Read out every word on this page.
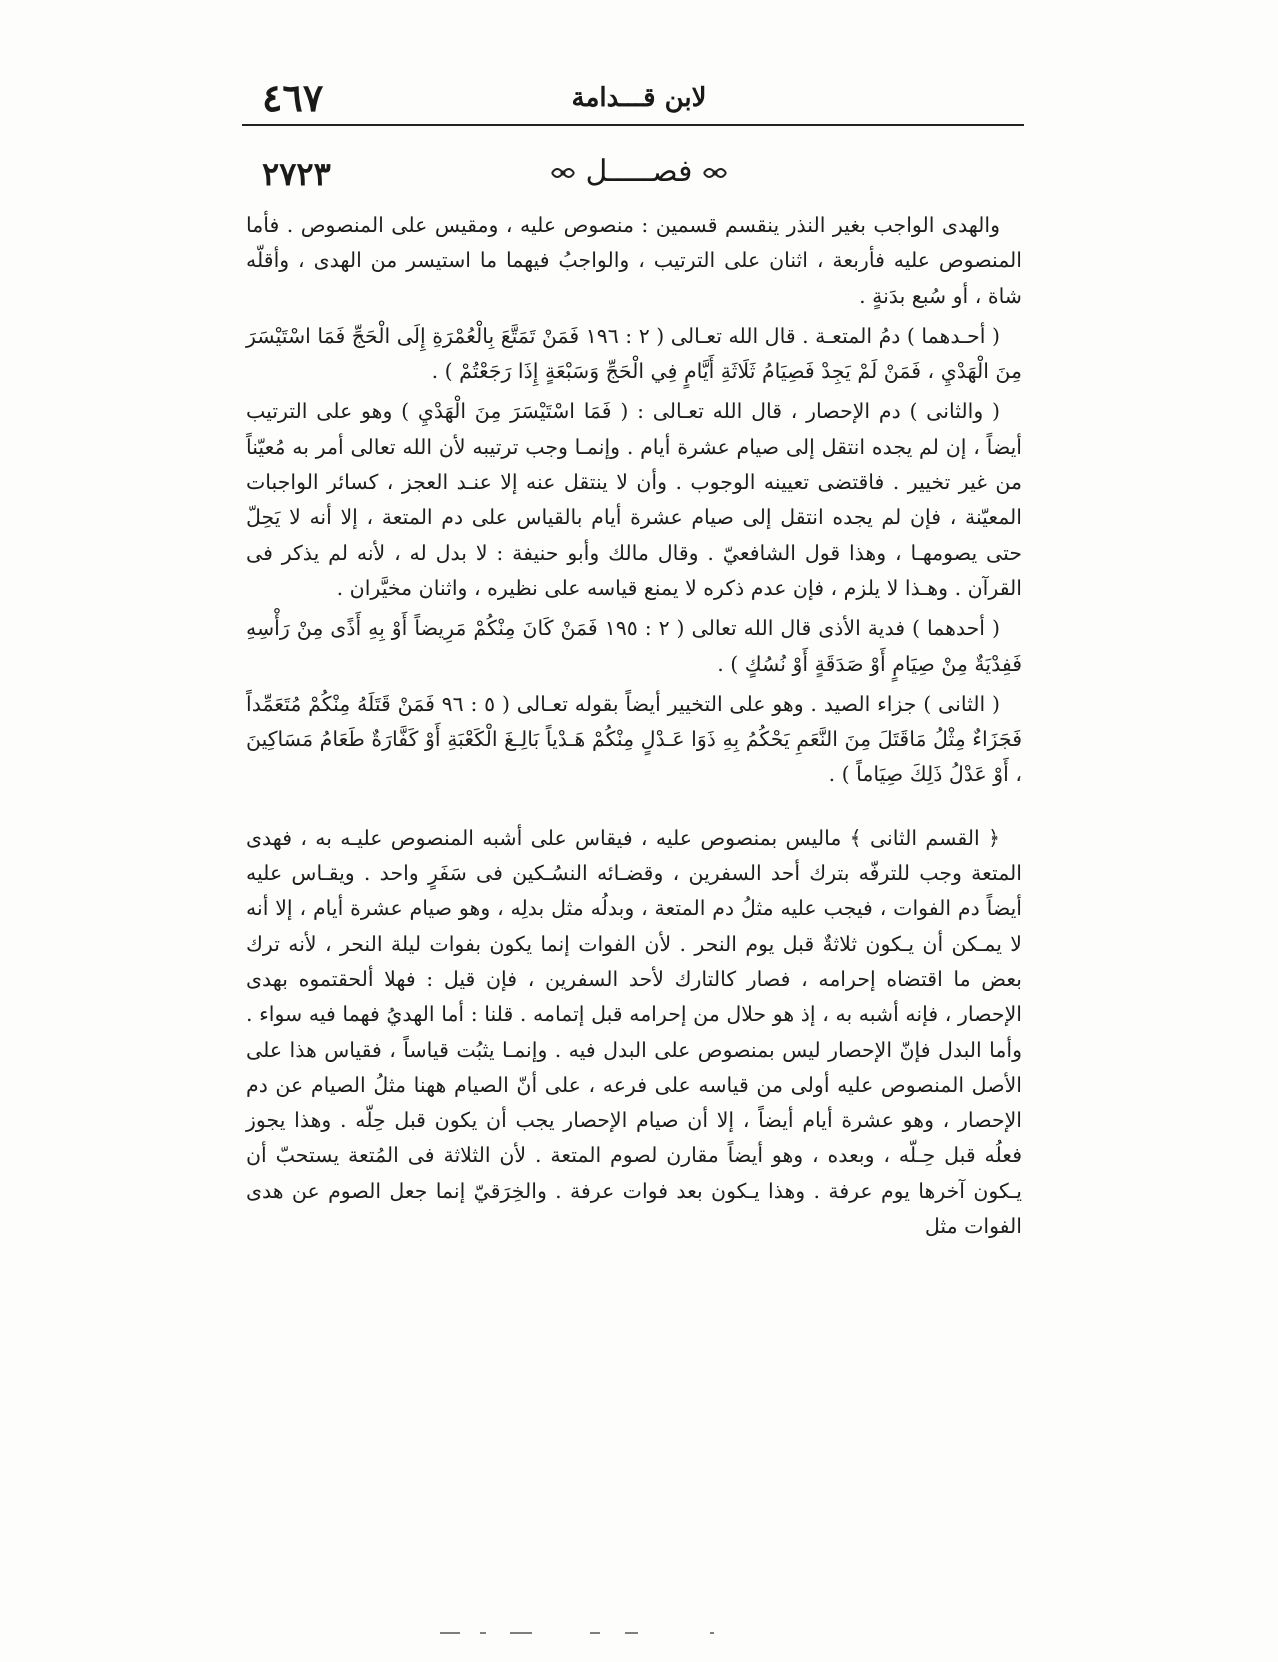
لابن قـــدامة
٤٦٧
٢٧٢٣	فصـــــل

والهدى الواجب بغير النذر ينقسم قسمين : منصوص عليه ، ومقيس على المنصوص . فأما المنصوص عليه فأربعة ، اثنان على الترتيب ، والواجبُ فيهما ما استيسر من الهدى ، وأقلّه شاة ، أو سُبع بدَنةٍ .

( أحـدهما ) دمُ المتعـة . قال الله تعـالى ( ٢ : ١٩٦ فَمَنْ تَمَتَّعَ بِالْعُمْرَةِ إِلَى الْحَجِّ فَمَا اسْتَيْسَرَ مِنَ الْهَدْيِ ، فَمَنْ لَمْ يَجِدْ فَصِيَامُ ثَلَاثَةِ أَيَّامٍ فِي الْحَجِّ وَسَبْعَةٍ إِذَا رَجَعْتُمْ ) .

( والثانى ) دم الإحصار ، قال الله تعـالى : ( فَمَا اسْتَيْسَرَ مِنَ الْهَدْيِ ) وهو على الترتيب أيضاً ، إن لم يجده انتقل إلى صيام عشرة أيام . وإنمـا وجب ترتيبه لأن الله تعالى أمر به مُعيّناً من غير تخيير . فاقتضى تعيينه الوجوب . وأن لا ينتقل عنه إلا عنـد العجز ، كسائر الواجبات المعيّنة ، فإن لم يجده انتقل إلى صيام عشرة أيام بالقياس على دم المتعة ، إلا أنه لا يَحِلّ حتى يصومهـا ، وهذا قول الشافعيّ . وقال مالك وأبو حنيفة : لا بدل له ، لأنه لم يذكر فى القرآن . وهـذا لا يلزم ، فإن عدم ذكره لا يمنع قياسه على نظيره ، واثنان مخيَّران .

( أحدهما ) فدية الأذى قال الله تعالى ( ٢ : ١٩٥ فَمَنْ كَانَ مِنْكُمْ مَرِيضاً أَوْ بِهِ أَذًى مِنْ رَأْسِهِ فَفِدْيَةٌ مِنْ صِيَامٍ أَوْ صَدَقَةٍ أَوْ نُسُكٍ ) .

( الثانى ) جزاء الصيد . وهو على التخيير أيضاً بقوله تعـالى ( ٥ : ٩٦ فَمَنْ قَتَلَهُ مِنْكُمْ مُتَعَمِّداً فَجَزَاءٌ مِثْلُ مَاقَتَلَ مِنَ النَّعَمِ يَحْكُمُ بِهِ ذَوَا عَـدْلٍ مِنْكُمْ هَـدْياً بَالِـغَ الْكَعْبَةِ أَوْ كَفَّارَةٌ طَعَامُ مَسَاكِينَ ، أَوْ عَدْلُ ذَلِكَ صِيَاماً ) .

﴿ القسم الثانى ﴾ ماليس بمنصوص عليه ، فيقاس على أشبه المنصوص عليـه به ، فهدى المتعة وجب للترفّه بترك أحد السفرين ، وقضـائه النسُـكين فى سَفَرٍ واحد . ويقـاس عليه أيضاً دم الفوات ، فيجب عليه مثلُ دم المتعة ، وبدلُه مثل بدلِه ، وهو صيام عشرة أيام ، إلا أنه لا يمـكن أن يـكون ثلاثةٌ قبل يوم النحر . لأن الفوات إنما يكون بفوات ليلة النحر ، لأنه ترك بعض ما اقتضاه إحرامه ، فصار كالتارك لأحد السفرين ، فإن قيل : فهلا ألحقتموه بهدى الإحصار ، فإنه أشبه به ، إذ هو حلال من إحرامه قبل إتمامه . قلنا : أما الهديُ فهما فيه سواء . وأما البدل فإنّ الإحصار ليس بمنصوص على البدل فيه . وإنمـا يثبُت قياساً ، فقياس هذا على الأصل المنصوص عليه أولى من قياسه على فرعه ، على أنّ الصيام ههنا مثلُ الصيام عن دم الإحصار ، وهو عشرة أيام أيضاً ، إلا أن صيام الإحصار يجب أن يكون قبل حِلّه . وهذا يجوز فعلُه قبل حِـلّه ، وبعده ، وهو أيضاً مقارن لصوم المتعة . لأن الثلاثة فى المُتعة يستحبّ أن يـكون آخرها يوم عرفة . وهذا يـكون بعد فوات عرفة . والخِرَقيّ إنما جعل الصوم عن هدى الفوات مثل
